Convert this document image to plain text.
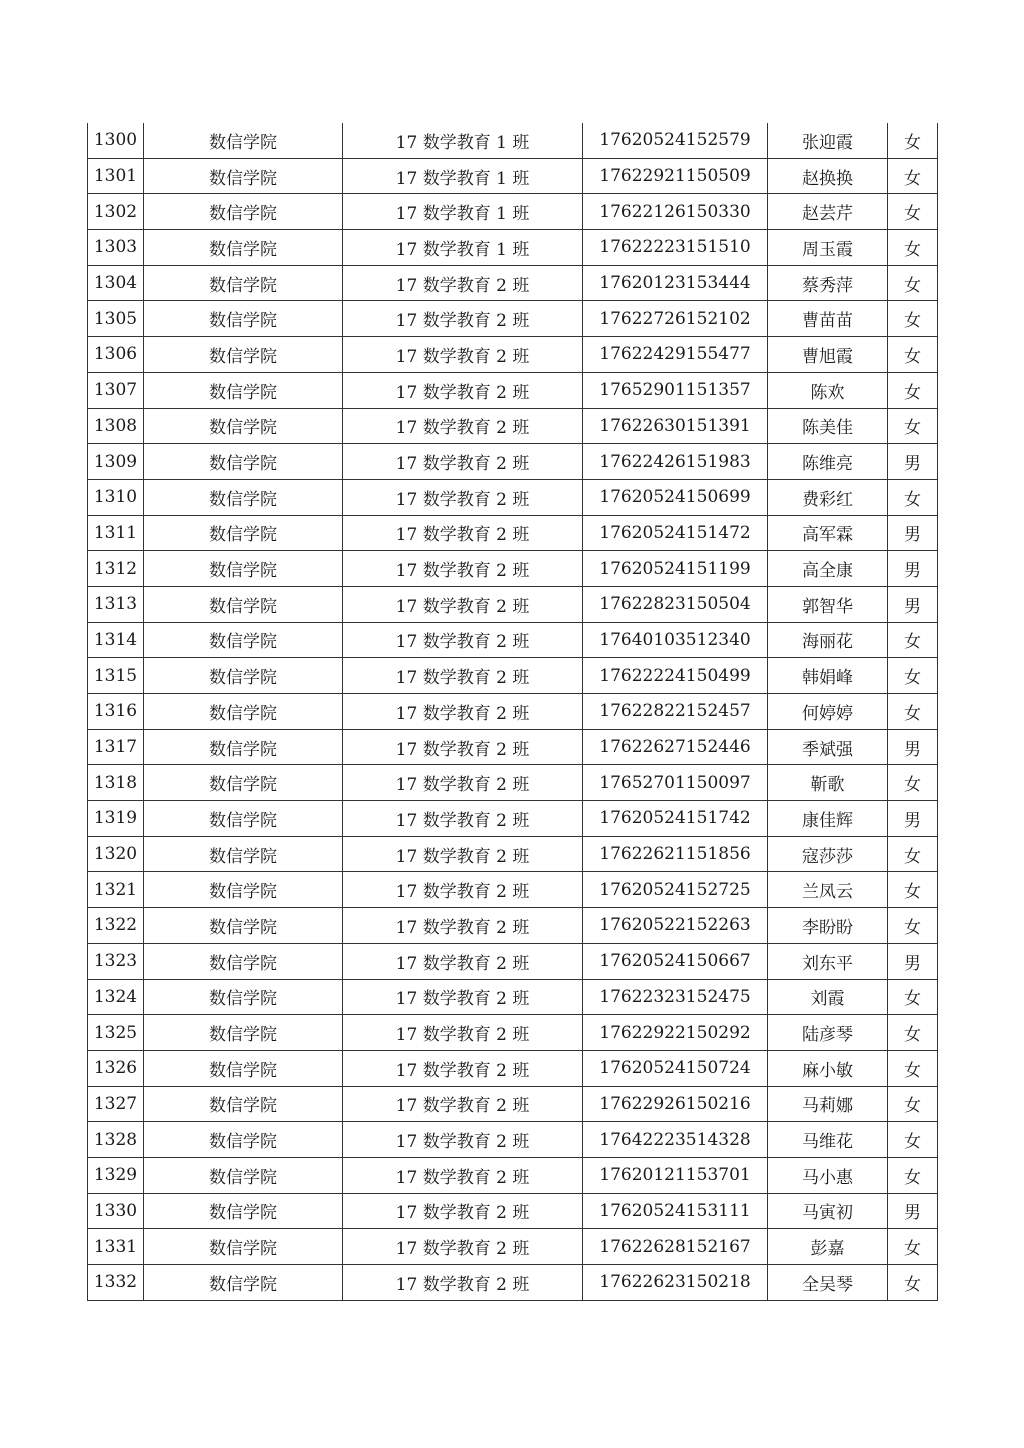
1300	数信学院	17 数学教育 1 班	17620524152579	张迎霞	女
1301	数信学院	17 数学教育 1 班	17622921150509	赵换换	女
1302	数信学院	17 数学教育 1 班	17622126150330	赵芸芹	女
1303	数信学院	17 数学教育 1 班	17622223151510	周玉霞	女
1304	数信学院	17 数学教育 2 班	17620123153444	蔡秀萍	女
1305	数信学院	17 数学教育 2 班	17622726152102	曹苗苗	女
1306	数信学院	17 数学教育 2 班	17622429155477	曹旭霞	女
1307	数信学院	17 数学教育 2 班	17652901151357	陈欢	女
1308	数信学院	17 数学教育 2 班	17622630151391	陈美佳	女
1309	数信学院	17 数学教育 2 班	17622426151983	陈维亮	男
1310	数信学院	17 数学教育 2 班	17620524150699	费彩红	女
1311	数信学院	17 数学教育 2 班	17620524151472	高军霖	男
1312	数信学院	17 数学教育 2 班	17620524151199	高全康	男
1313	数信学院	17 数学教育 2 班	17622823150504	郭智华	男
1314	数信学院	17 数学教育 2 班	17640103512340	海丽花	女
1315	数信学院	17 数学教育 2 班	17622224150499	韩娟峰	女
1316	数信学院	17 数学教育 2 班	17622822152457	何婷婷	女
1317	数信学院	17 数学教育 2 班	17622627152446	季斌强	男
1318	数信学院	17 数学教育 2 班	17652701150097	靳歌	女
1319	数信学院	17 数学教育 2 班	17620524151742	康佳辉	男
1320	数信学院	17 数学教育 2 班	17622621151856	寇莎莎	女
1321	数信学院	17 数学教育 2 班	17620524152725	兰凤云	女
1322	数信学院	17 数学教育 2 班	17620522152263	李盼盼	女
1323	数信学院	17 数学教育 2 班	17620524150667	刘东平	男
1324	数信学院	17 数学教育 2 班	17622323152475	刘霞	女
1325	数信学院	17 数学教育 2 班	17622922150292	陆彦琴	女
1326	数信学院	17 数学教育 2 班	17620524150724	麻小敏	女
1327	数信学院	17 数学教育 2 班	17622926150216	马莉娜	女
1328	数信学院	17 数学教育 2 班	17642223514328	马维花	女
1329	数信学院	17 数学教育 2 班	17620121153701	马小惠	女
1330	数信学院	17 数学教育 2 班	17620524153111	马寅初	男
1331	数信学院	17 数学教育 2 班	17622628152167	彭嘉	女
1332	数信学院	17 数学教育 2 班	17622623150218	全吴琴	女
